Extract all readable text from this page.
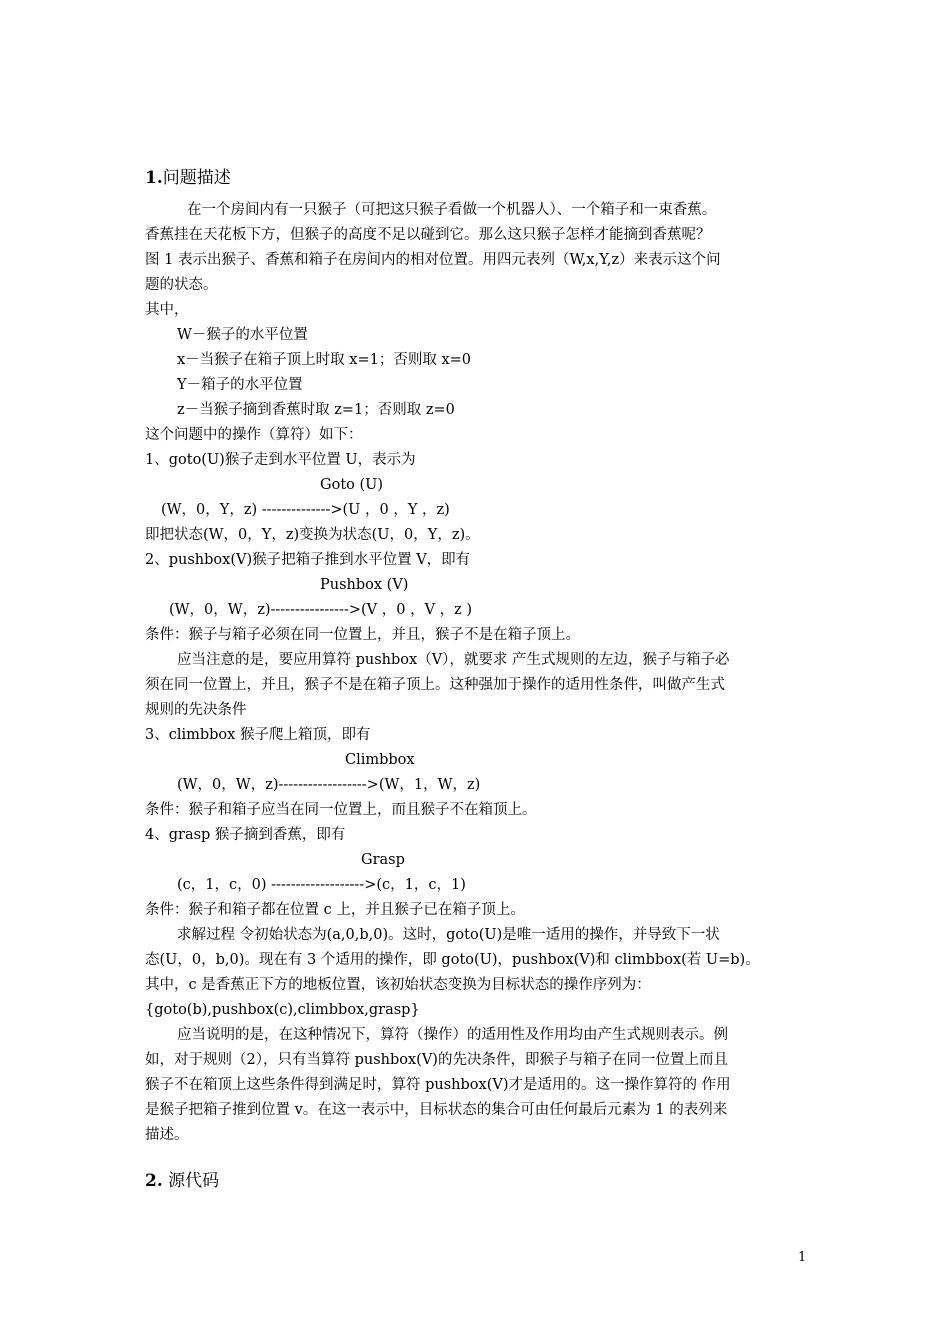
1.问题描述
在一个房间内有一只猴子（可把这只猴子看做一个机器人）、一个箱子和一束香蕉。
香蕉挂在天花板下方，但猴子的高度不足以碰到它。那么这只猴子怎样才能摘到香蕉呢？
图 1 表示出猴子、香蕉和箱子在房间内的相对位置。用四元表列（W,x,Y,z）来表示这个问
题的状态。
其中，
W－猴子的水平位置
x－当猴子在箱子顶上时取 x=1；否则取 x=0
Y－箱子的水平位置
z－当猴子摘到香蕉时取 z=1；否则取 z=0
这个问题中的操作（算符）如下：
1、goto(U)猴子走到水平位置 U，表示为
Goto (U)
(W，0，Y，z) -------------->(U ，0 ，Y ，z)
即把状态(W，0，Y，z)变换为状态(U，0，Y，z)。
2、pushbox(V)猴子把箱子推到水平位置 V，即有
Pushbox (V)
(W，0，W，z)---------------->(V ，0 ，V ，z )
条件：猴子与箱子必须在同一位置上，并且，猴子不是在箱子顶上。
应当注意的是，要应用算符 pushbox（V），就要求 产生式规则的左边，猴子与箱子必
须在同一位置上，并且，猴子不是在箱子顶上。这种强加于操作的适用性条件，叫做产生式
规则的先决条件
3、climbbox 猴子爬上箱顶，即有
Climbbox
(W，0，W，z)------------------>(W，1，W，z)
条件：猴子和箱子应当在同一位置上，而且猴子不在箱顶上。
4、grasp 猴子摘到香蕉，即有
Grasp
(c，1，c，0) ------------------->(c，1，c，1)
条件：猴子和箱子都在位置 c 上，并且猴子已在箱子顶上。
求解过程 令初始状态为(a,0,b,0)。这时，goto(U)是唯一适用的操作，并导致下一状
态(U，0，b,0)。现在有 3 个适用的操作，即 goto(U)，pushbox(V)和 climbbox(若 U=b)。
其中，c 是香蕉正下方的地板位置，该初始状态变换为目标状态的操作序列为：
{goto(b),pushbox(c),climbbox,grasp}
应当说明的是，在这种情况下，算符（操作）的适用性及作用均由产生式规则表示。例
如，对于规则（2），只有当算符 pushbox(V)的先决条件，即猴子与箱子在同一位置上而且
猴子不在箱顶上这些条件得到满足时，算符 pushbox(V)才是适用的。这一操作算符的 作用
是猴子把箱子推到位置 v。在这一表示中，目标状态的集合可由任何最后元素为 1 的表列来
描述。
2. 源代码
1
